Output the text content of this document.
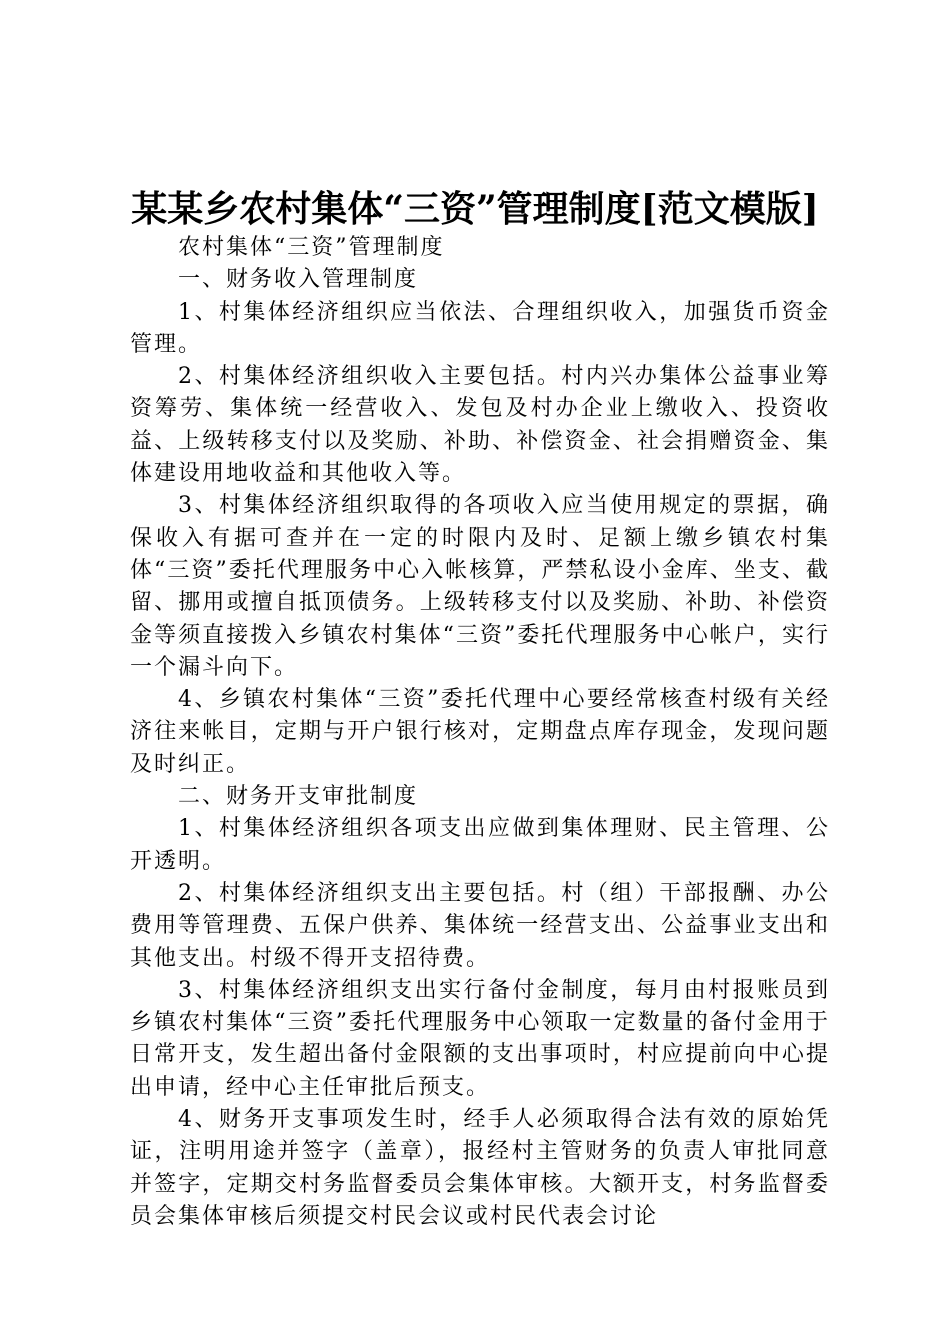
某某乡农村集体“三资”管理制度[范文模版]

农村集体“三资”管理制度

一、财务收入管理制度

1、村集体经济组织应当依法、合理组织收入，加强货币资金管理。

2、村集体经济组织收入主要包括。村内兴办集体公益事业筹资筹劳、集体统一经营收入、发包及村办企业上缴收入、投资收益、上级转移支付以及奖励、补助、补偿资金、社会捐赠资金、集体建设用地收益和其他收入等。

3、村集体经济组织取得的各项收入应当使用规定的票据，确保收入有据可查并在一定的时限内及时、足额上缴乡镇农村集体“三资”委托代理服务中心入帐核算，严禁私设小金库、坐支、截留、挪用或擅自抵顶债务。上级转移支付以及奖励、补助、补偿资金等须直接拨入乡镇农村集体“三资”委托代理服务中心帐户，实行一个漏斗向下。

4、乡镇农村集体“三资”委托代理中心要经常核查村级有关经济往来帐目，定期与开户银行核对，定期盘点库存现金，发现问题及时纠正。

二、财务开支审批制度

1、村集体经济组织各项支出应做到集体理财、民主管理、公开透明。

2、村集体经济组织支出主要包括。村（组）干部报酬、办公费用等管理费、五保户供养、集体统一经营支出、公益事业支出和其他支出。村级不得开支招待费。

3、村集体经济组织支出实行备付金制度，每月由村报账员到乡镇农村集体“三资”委托代理服务中心领取一定数量的备付金用于日常开支，发生超出备付金限额的支出事项时，村应提前向中心提出申请，经中心主任审批后预支。

4、财务开支事项发生时，经手人必须取得合法有效的原始凭证，注明用途并签字（盖章），报经村主管财务的负责人审批同意并签字，定期交村务监督委员会集体审核。大额开支，村务监督委员会集体审核后须提交村民会议或村民代表会讨论
